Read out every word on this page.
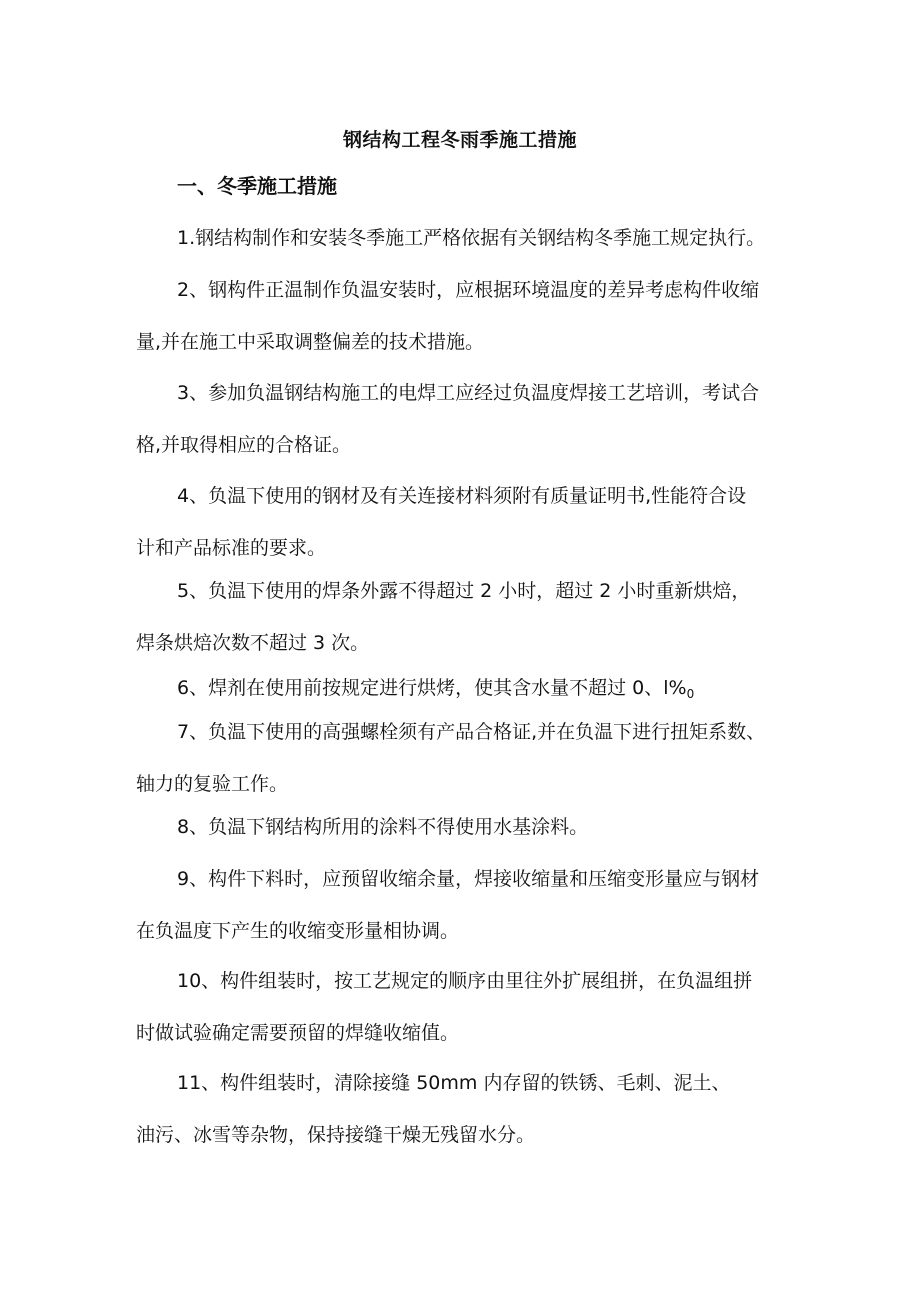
钢结构工程冬雨季施工措施
一、冬季施工措施
1.钢结构制作和安装冬季施工严格依据有关钢结构冬季施工规定执行。
2、钢构件正温制作负温安装时，应根据环境温度的差异考虑构件收缩
量,并在施工中采取调整偏差的技术措施。
3、参加负温钢结构施工的电焊工应经过负温度焊接工艺培训，考试合
格,并取得相应的合格证。
4、负温下使用的钢材及有关连接材料须附有质量证明书,性能符合设
计和产品标准的要求。
5、负温下使用的焊条外露不得超过 2 小时，超过 2 小时重新烘焙，
焊条烘焙次数不超过 3 次。
6、焊剂在使用前按规定进行烘烤，使其含水量不超过 0、$l\%_0$
7、负温下使用的高强螺栓须有产品合格证,并在负温下进行扭矩系数、
轴力的复验工作。
8、负温下钢结构所用的涂料不得使用水基涂料。
9、构件下料时，应预留收缩余量，焊接收缩量和压缩变形量应与钢材
在负温度下产生的收缩变形量相协调。
10、构件组装时，按工艺规定的顺序由里往外扩展组拼，在负温组拼
时做试验确定需要预留的焊缝收缩值。
11、构件组装时，清除接缝 50mm 内存留的铁锈、毛刺、泥土、
油污、冰雪等杂物，保持接缝干燥无残留水分。
